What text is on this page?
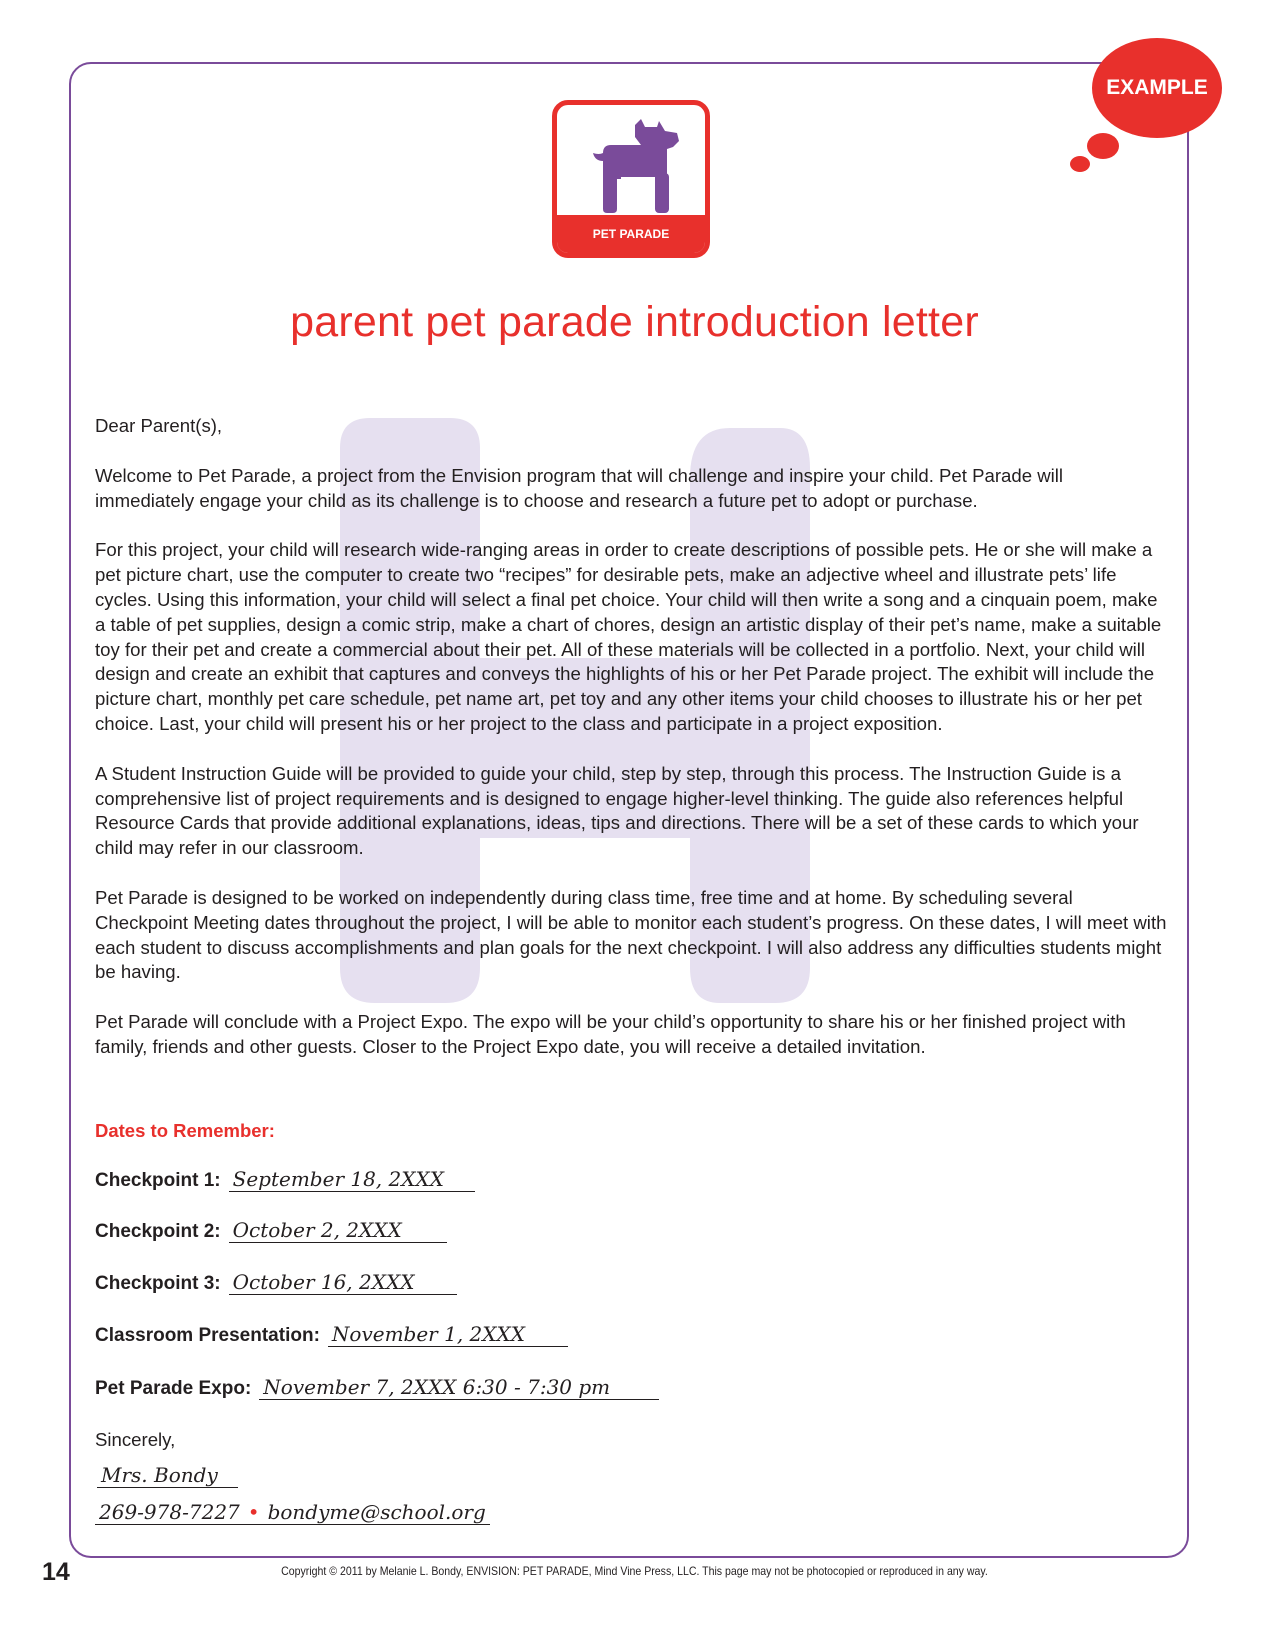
EXAMPLE
PET PARADE
parent pet parade introduction letter

Dear Parent(s),

Welcome to Pet Parade, a project from the Envision program that will challenge and inspire your child. Pet Parade will immediately engage your child as its challenge is to choose and research a future pet to adopt or purchase.

For this project, your child will research wide-ranging areas in order to create descriptions of possible pets. He or she will make a pet picture chart, use the computer to create two “recipes” for desirable pets, make an adjective wheel and illustrate pets’ life cycles. Using this information, your child will select a final pet choice. Your child will then write a song and a cinquain poem, make a table of pet supplies, design a comic strip, make a chart of chores, design an artistic display of their pet’s name, make a suitable toy for their pet and create a commercial about their pet. All of these materials will be collected in a portfolio. Next, your child will design and create an exhibit that captures and conveys the highlights of his or her Pet Parade project. The exhibit will include the picture chart, monthly pet care schedule, pet name art, pet toy and any other items your child chooses to illustrate his or her pet choice. Last, your child will present his or her project to the class and participate in a project exposition.

A Student Instruction Guide will be provided to guide your child, step by step, through this process. The Instruction Guide is a comprehensive list of project requirements and is designed to engage higher-level thinking. The guide also references helpful Resource Cards that provide additional explanations, ideas, tips and directions. There will be a set of these cards to which your child may refer in our classroom.

Pet Parade is designed to be worked on independently during class time, free time and at home. By scheduling several Checkpoint Meeting dates throughout the project, I will be able to monitor each student’s progress. On these dates, I will meet with each student to discuss accomplishments and plan goals for the next checkpoint. I will also address any difficulties students might be having.

Pet Parade will conclude with a Project Expo. The expo will be your child’s opportunity to share his or her finished project with family, friends and other guests. Closer to the Project Expo date, you will receive a detailed invitation.

Dates to Remember:
Checkpoint 1: September 18, 2XXX
Checkpoint 2: October 2, 2XXX
Checkpoint 3: October 16, 2XXX
Classroom Presentation: November 1, 2XXX
Pet Parade Expo: November 7, 2XXX 6:30 - 7:30 pm
Sincerely,
Mrs. Bondy
269-978-7227 • bondyme@school.org
14	Copyright © 2011 by Melanie L. Bondy, ENVISION: PET PARADE, Mind Vine Press, LLC. This page may not be photocopied or reproduced in any way.
